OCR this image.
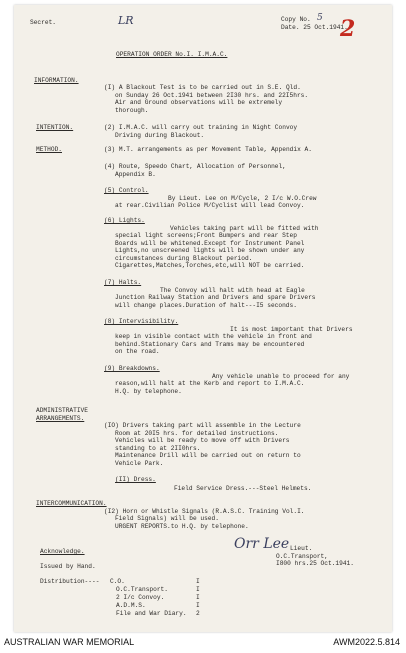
Secret.	LR	Copy No. 5
Date. 25 Oct.1941.
2
OPERATION ORDER No.I. I.M.A.C.
INFORMATION.
(I) A Blackout Test is to be carried out in S.E. Qld.
on Sunday 26 Oct.1941 between 2I30 hrs. and 22I5hrs.
Air and Ground observations will be extremely
thorough.
INTENTION.	(2) I.M.A.C. will carry out training in Night Convoy
Driving during Blackout.
METHOD.	(3) M.T. arrangements as per Movement Table, Appendix A.
(4) Route, Speedo Chart, Allocation of Personnel,
Appendix B.
(5) Control.
By Lieut. Lee on M/Cycle, 2 I/c W.O.Crew
at rear.Civilian Police M/Cyclist will lead Convoy.
(6) Lights.
Vehicles taking part will be fitted with
special light screens;Front Bumpers and rear Step
Boards will be whitened.Except for Instrument Panel
Lights,no unscreened lights will be shown under any
circumstances during Blackout period.
Cigarettes,Matches,Torches,etc,will NOT be carried.
(7) Halts.
The Convoy will halt with head at Eagle
Junction Railway Station and Drivers and spare Drivers
will change places.Duration of halt---I5 seconds.
(8) Intervisibility.
It is most important that Drivers
keep in visible contact with the vehicle in front and
behind.Stationary Cars and Trams may be encountered
on the road.
(9) Breakdowns.
Any vehicle unable to proceed for any
reason,will halt at the Kerb and report to I.M.A.C.
H.Q. by telephone.
ADMINISTRATIVE
ARRANGEMENTS.
(IO) Drivers taking part will assemble in the Lecture
Room at 20I5 hrs. for detailed instructions.
Vehicles will be ready to move off with Drivers
standing to at 2II0hrs.
Maintenance Drill will be carried out on return to
Vehicle Park.
(II) Dress.
Field Service Dress.---Steel Helmets.
INTERCOMMUNICATION.
(I2) Horn or Whistle Signals (R.A.S.C. Training Vol.I.
Field Signals) will be used.
URGENT REPORTS.to H.Q. by telephone.
Acknowledge.
Issued by Hand.
Orr Lee Lieut.
O.C.Transport,
I800 hrs.25 Oct.1941.
Distribution---- C.O.	I
O.C.Transport.	I
2 I/c Convoy.	I
A.D.M.S.	I
File and War Diary. 2
AUSTRALIAN WAR MEMORIAL	AWM2022.5.814
